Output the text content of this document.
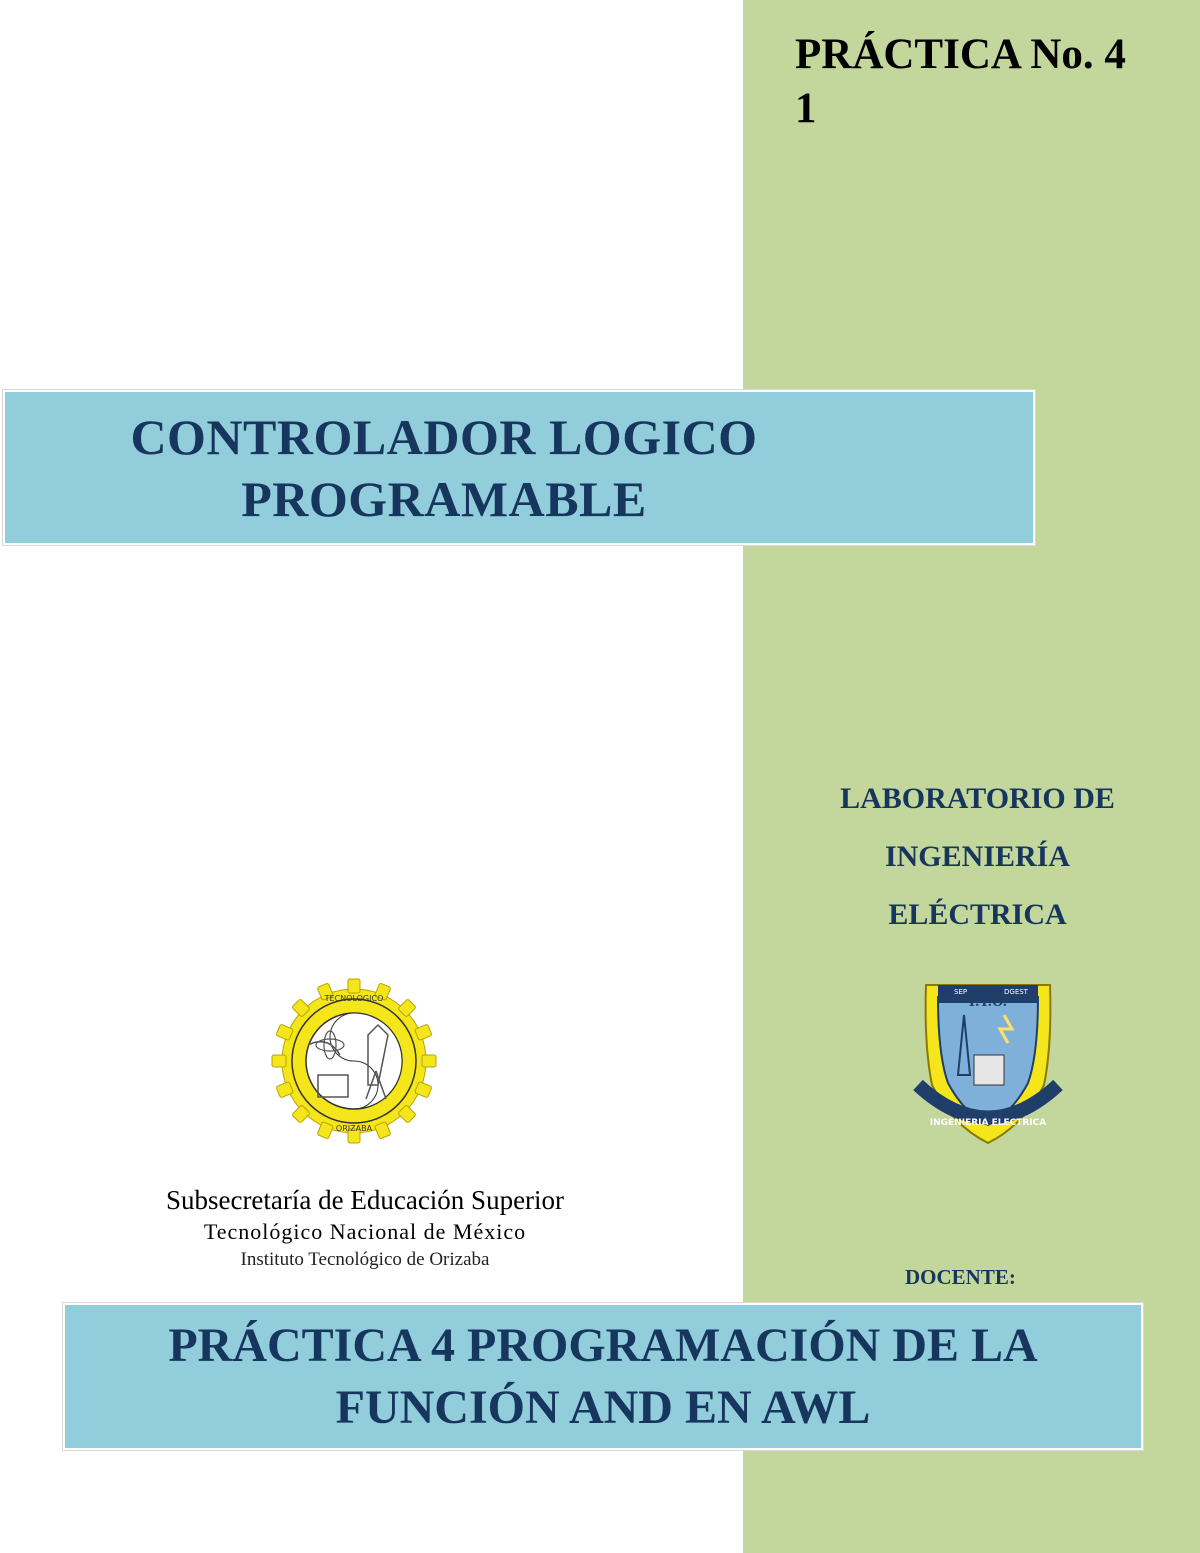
PRÁCTICA No. 4
1
CONTROLADOR LOGICO
PROGRAMABLE
LABORATORIO DE
INGENIERÍA
ELÉCTRICA
TECNOLOGICO
ORIZABA
SEP	DGEST
I.T.O.
INGENIERIA ELECTRICA
Subsecretaría de Educación Superior
Tecnológico Nacional de México
Instituto Tecnológico de Orizaba
DOCENTE:
PRÁCTICA 4 PROGRAMACIÓN DE LA
FUNCIÓN AND EN AWL
